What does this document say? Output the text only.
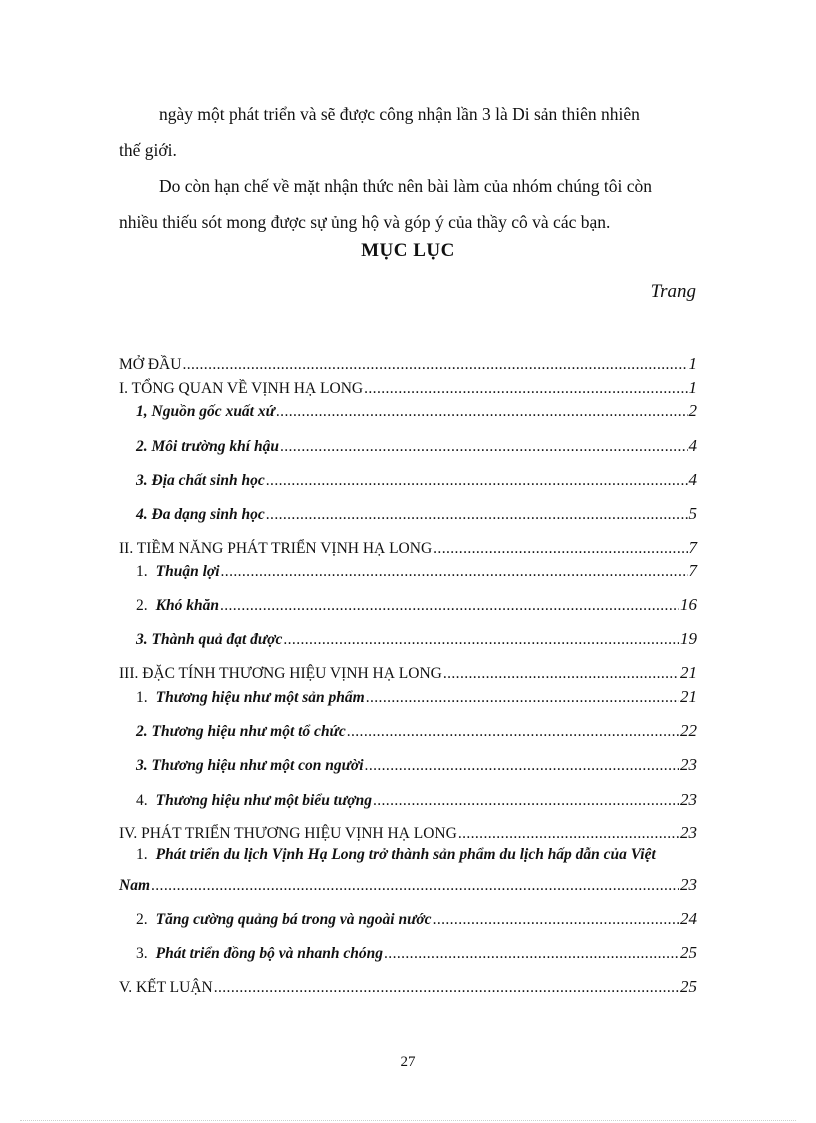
ngày một phát triển và sẽ được công nhận lần 3 là Di sản thiên nhiên

thế giới.

Do còn hạn chế về mặt nhận thức nên bài làm của nhóm chúng tôi còn

nhiều thiếu sót mong được sự ủng hộ và góp ý của thầy cô và các bạn.

MỤC LỤC
Trang
MỞ ĐẦU .....	1
I. TỔNG QUAN VỀ VỊNH HẠ LONG .....	1
1, Nguồn gốc xuất xứ .....	2
2. Môi trường khí hậu .....	4
3. Địa chất sinh học .....	4
4. Đa dạng sinh học .....	5
II. TIỀM NĂNG PHÁT TRIỂN VỊNH HẠ LONG .....	7
1. Thuận lợi .....	7
2. Khó khăn .....	16
3. Thành quả đạt được .....	19
III. ĐẶC TÍNH THƯƠNG HIỆU VỊNH HẠ LONG .....	21
1. Thương hiệu như một sản phẩm .....	21
2. Thương hiệu như một tổ chức .....	22
3. Thương hiệu như một con người .....	23
4. Thương hiệu như một biểu tượng .....	23
IV. PHÁT TRIỂN THƯƠNG HIỆU VỊNH HẠ LONG .....	23
1. Phát triển du lịch Vịnh Hạ Long trở thành sản phẩm du lịch hấp dẫn của Việt
Nam .....	23
2. Tăng cường quảng bá trong và ngoài nước .....	24
3. Phát triển đồng bộ và nhanh chóng .....	25
V. KẾT LUẬN .....	25
27
